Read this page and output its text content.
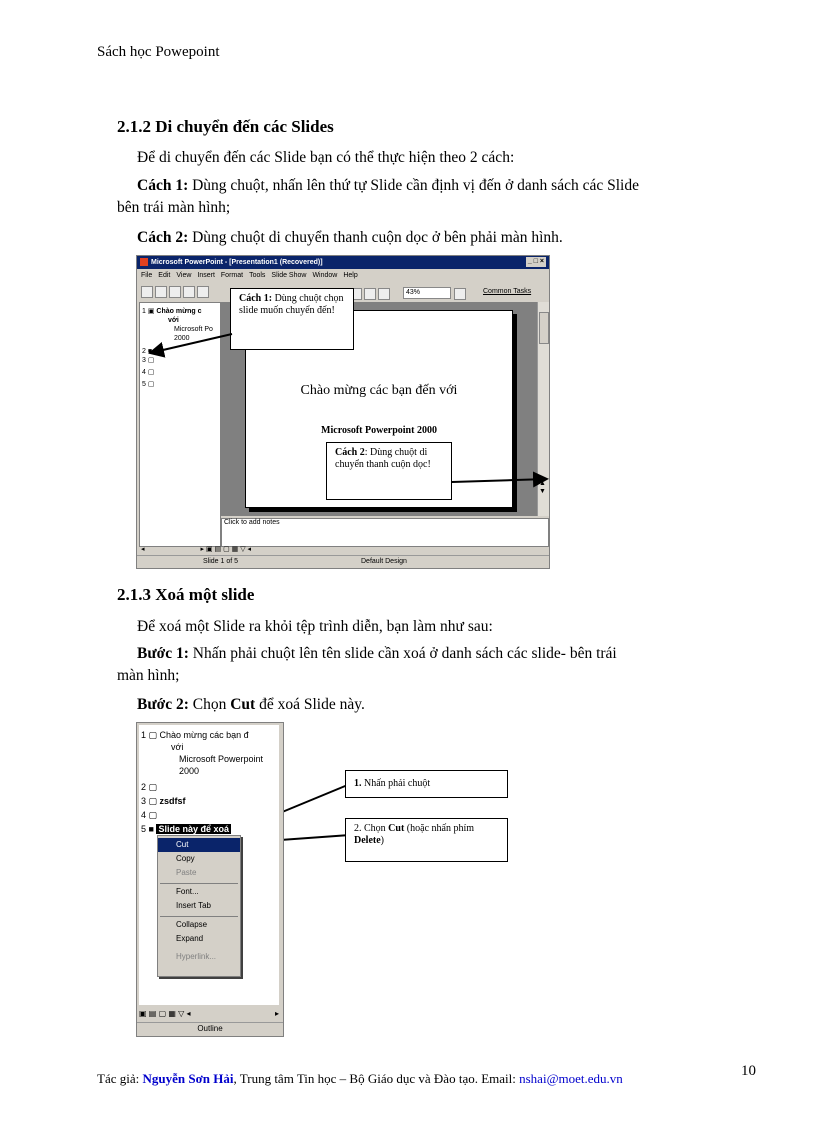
Sách học Powepoint
2.1.2 Di chuyển đến các Slides
Để di chuyển đến các Slide bạn có thể thực hiện theo 2 cách:
Cách 1: Dùng chuột, nhấn lên thứ tự Slide cần định vị đến ở danh sách các Slide
bên trái màn hình;
Cách 2: Dùng chuột di chuyển thanh cuộn dọc ở bên phải màn hình.
Microsoft PowerPoint - [Presentation1 (Recovered)]	_ □ ×
File Edit View Insert Format Tools Slide Show Window Help
43%	Common Tasks
1 ▣ Chào mừng c
với
Microsoft Po
2000

2 ■
3 ▢
4 ▢
5 ▢	Chào mừng các bạn đến với
Microsoft Powerpoint 2000
▲
▼
Click to add notes
◂	▸ ▣ ▤ ▢ ▦ ▽ ◂
Slide 1 of 5	Default Design
Cách 1: Dùng chuột chọn slide muốn chuyển đến!
Cách 2: Dùng chuột di chuyển thanh cuộn dọc!
2.1.3 Xoá một slide
Để xoá một Slide ra khỏi tệp trình diễn, bạn làm như sau:
Bước 1: Nhấn phải chuột lên tên slide cần xoá ở danh sách các slide- bên trái
màn hình;
Bước 2: Chọn Cut để xoá Slide này.
1 ▢ Chào mừng các bạn đ
với
Microsoft Powerpoint
2000
2 ▢
3 ▢ zsdfsf
4 ▢
5 ■ Slide này để xoá
Cut
Copy
Paste
Font...
Insert Tab
Collapse
Expand
Hyperlink...
▣ ▤ ▢ ▦ ▽ ◂	▸
Outline
1. Nhấn phải chuột
2. Chọn Cut (hoặc nhấn phím Delete)
Tác giả: Nguyễn Sơn Hải, Trung tâm Tin học – Bộ Giáo dục và Đào tạo. Email: nshai@moet.edu.vn	10
